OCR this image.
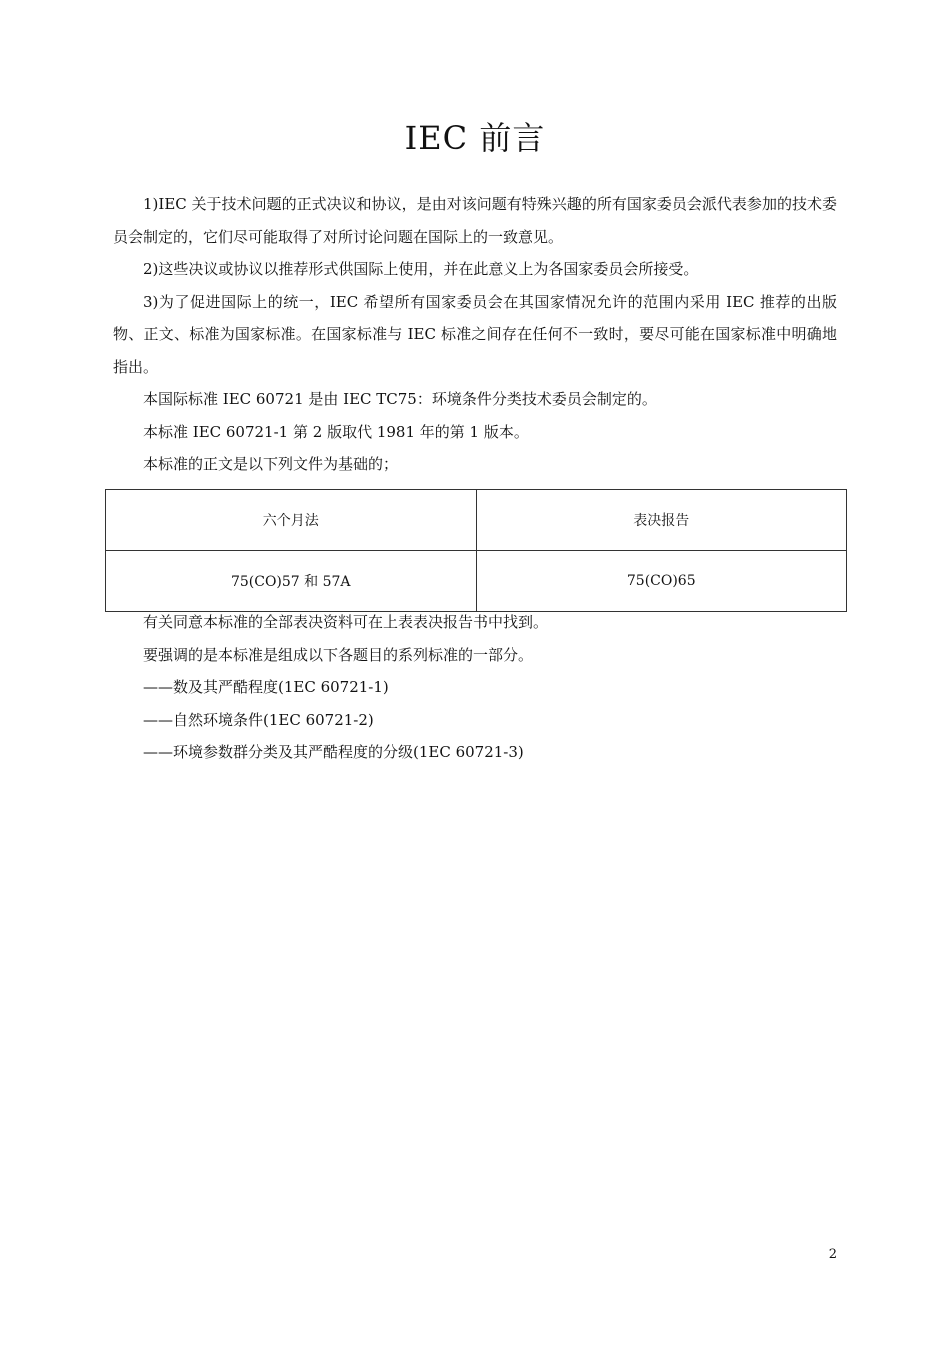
IEC 前言

1)IEC 关于技术问题的正式决议和协议，是由对该问题有特殊兴趣的所有国家委员会派代表参加的技术委员会制定的，它们尽可能取得了对所讨论问题在国际上的一致意见。

2)这些决议或协议以推荐形式供国际上使用，并在此意义上为各国家委员会所接受。

3)为了促进国际上的统一，IEC 希望所有国家委员会在其国家情况允许的范围内采用 IEC 推荐的出版物、正文、标准为国家标准。在国家标准与 IEC 标准之间存在任何不一致时，要尽可能在国家标准中明确地指出。

本国际标准 IEC 60721 是由 IEC TC75：环境条件分类技术委员会制定的。

本标准 IEC 60721-1 第 2 版取代 1981 年的第 1 版本。

本标准的正文是以下列文件为基础的；

六个月法	表决报告
75(CO)57 和 57A	75(CO)65

有关同意本标准的全部表决资料可在上表表决报告书中找到。

要强调的是本标准是组成以下各题目的系列标准的一部分。

——数及其严酷程度(1EC 60721-1)

——自然环境条件(1EC 60721-2)

——环境参数群分类及其严酷程度的分级(1EC 60721-3)

2
